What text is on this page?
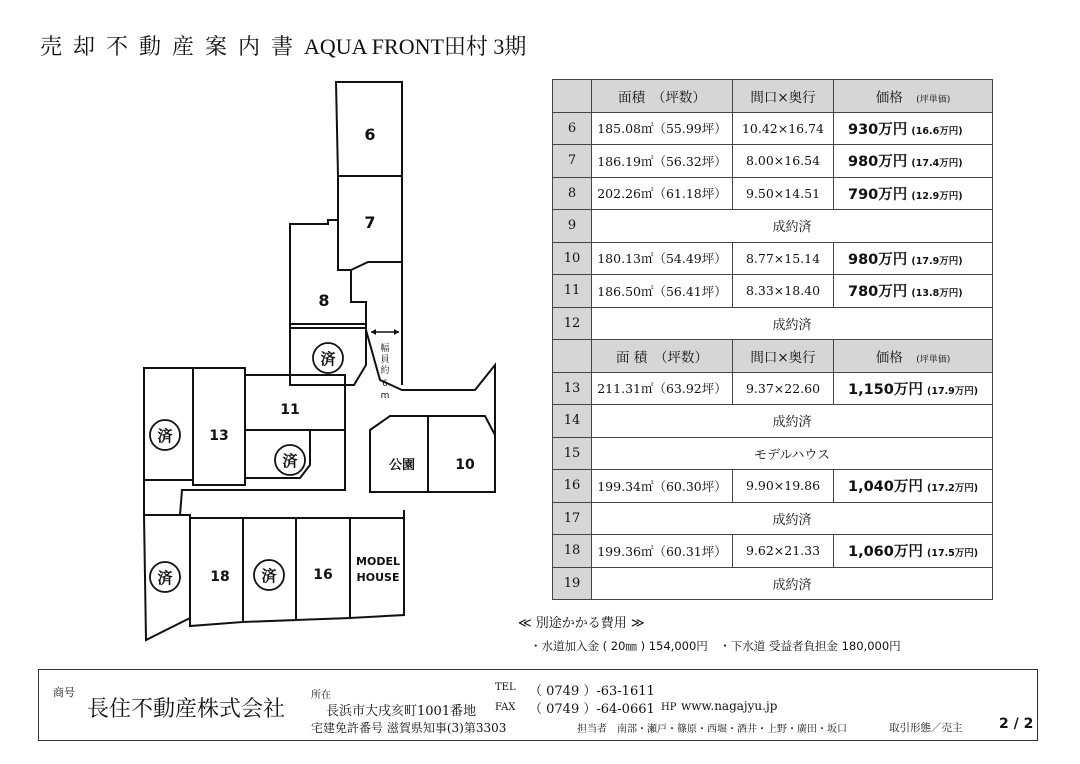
売 却 不 動 産 案 内 書 AQUA FRONT田村 3期
6
7
8
11
13
10
18	16
公園
MODEL
HOUSE
済
済
済
済	済
幅
員
約
6
m
	面積　（坪数）	間口×奥行	価格　 (坪単価)
6	185.08㎡（55.99坪）	10.42×16.74	930万円 (16.6万円)
7	186.19㎡（56.32坪）	8.00×16.54	980万円 (17.4万円)
8	202.26㎡（61.18坪）	9.50×14.51	790万円 (12.9万円)
9	成約済		
10	180.13㎡（54.49坪）	8.77×15.14	980万円 (17.9万円)
11	186.50㎡（56.41坪）	8.33×18.40	780万円 (13.8万円)
12	成約済		
	面 積　（坪数）	間口×奥行	価格　 (坪単価)
13	211.31㎡（63.92坪）	9.37×22.60	1,150万円 (17.9万円)
14	成約済		
15	モデルハウス		
16	199.34㎡（60.30坪）	9.90×19.86	1,040万円 (17.2万円)
17	成約済		
18	199.36㎡（60.31坪）	9.62×21.33	1,060万円 (17.5万円)
19	成約済		
≪ 別途かかる費用 ≫
・水道加入金 ( 20㎜ ) 154,000円　・下水道 受益者負担金 180,000円
商号
長住不動産株式会社
所在
長浜市大戌亥町1001番地
宅建免許番号 滋賀県知事(3)第3303
TEL （ 0749 ）-63-1611
FAX （ 0749 ）-64-0661 HP www.nagajyu.jp
担当者　南部・瀬戸・篠原・西堀・酒井・上野・廣田・坂口	取引形態／売主	2 / 2
